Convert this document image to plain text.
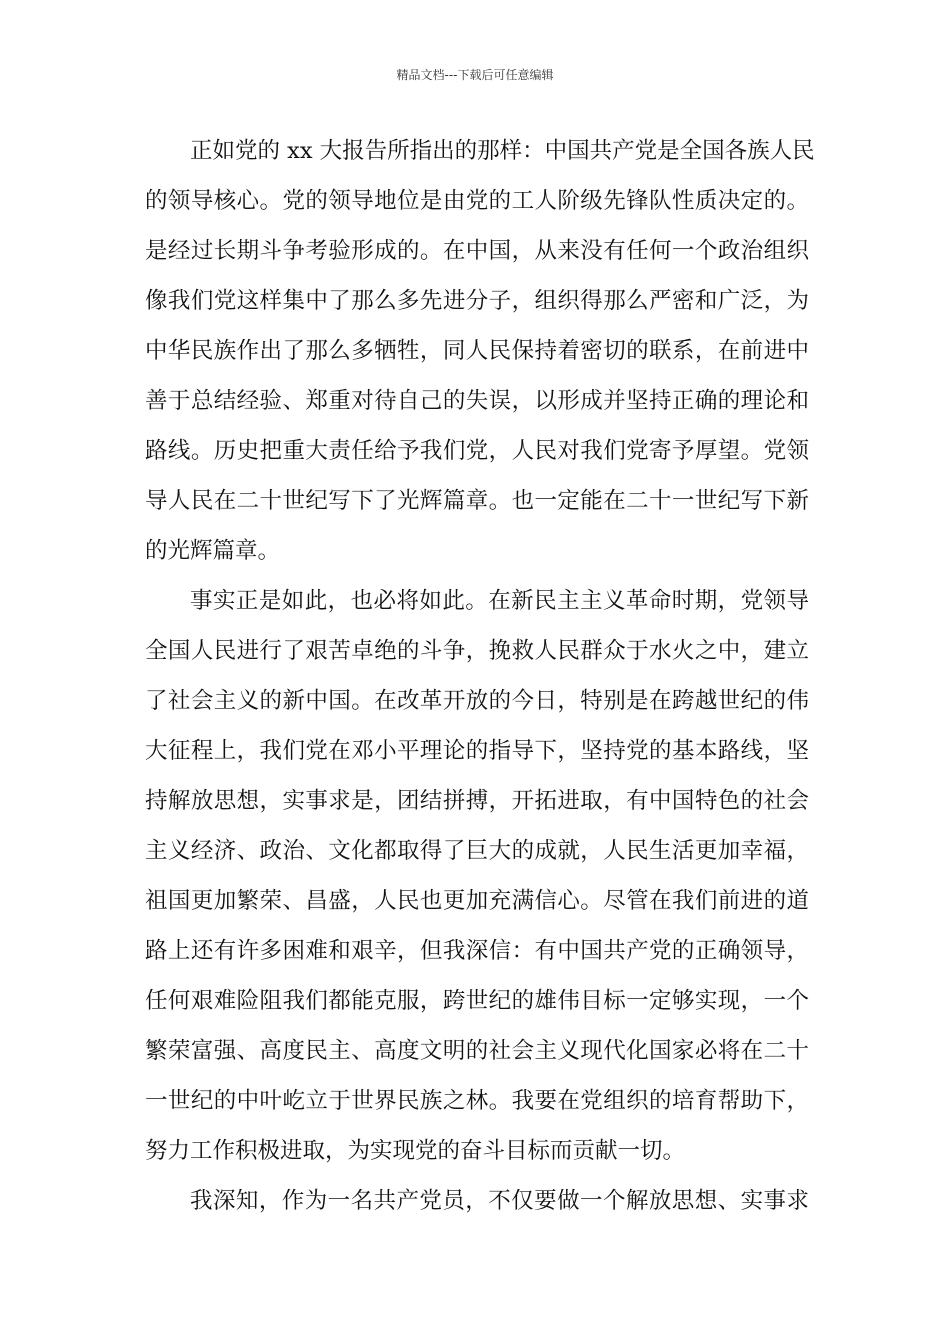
精品文档---下载后可任意编辑
正如党的 xx 大报告所指出的那样：中国共产党是全国各族人民
的领导核心。党的领导地位是由党的工人阶级先锋队性质决定的。
是经过长期斗争考验形成的。在中国，从来没有任何一个政治组织
像我们党这样集中了那么多先进分子，组织得那么严密和广泛，为
中华民族作出了那么多牺牲，同人民保持着密切的联系，在前进中
善于总结经验、郑重对待自己的失误，以形成并坚持正确的理论和
路线。历史把重大责任给予我们党，人民对我们党寄予厚望。党领
导人民在二十世纪写下了光辉篇章。也一定能在二十一世纪写下新
的光辉篇章。
事实正是如此，也必将如此。在新民主主义革命时期，党领导
全国人民进行了艰苦卓绝的斗争，挽救人民群众于水火之中，建立
了社会主义的新中国。在改革开放的今日，特别是在跨越世纪的伟
大征程上，我们党在邓小平理论的指导下，坚持党的基本路线，坚
持解放思想，实事求是，团结拼搏，开拓进取，有中国特色的社会
主义经济、政治、文化都取得了巨大的成就，人民生活更加幸福，
祖国更加繁荣、昌盛，人民也更加充满信心。尽管在我们前进的道
路上还有许多困难和艰辛，但我深信：有中国共产党的正确领导，
任何艰难险阻我们都能克服，跨世纪的雄伟目标一定够实现，一个
繁荣富强、高度民主、高度文明的社会主义现代化国家必将在二十
一世纪的中叶屹立于世界民族之林。我要在党组织的培育帮助下，
努力工作积极进取，为实现党的奋斗目标而贡献一切。
我深知，作为一名共产党员，不仅要做一个解放思想、实事求
